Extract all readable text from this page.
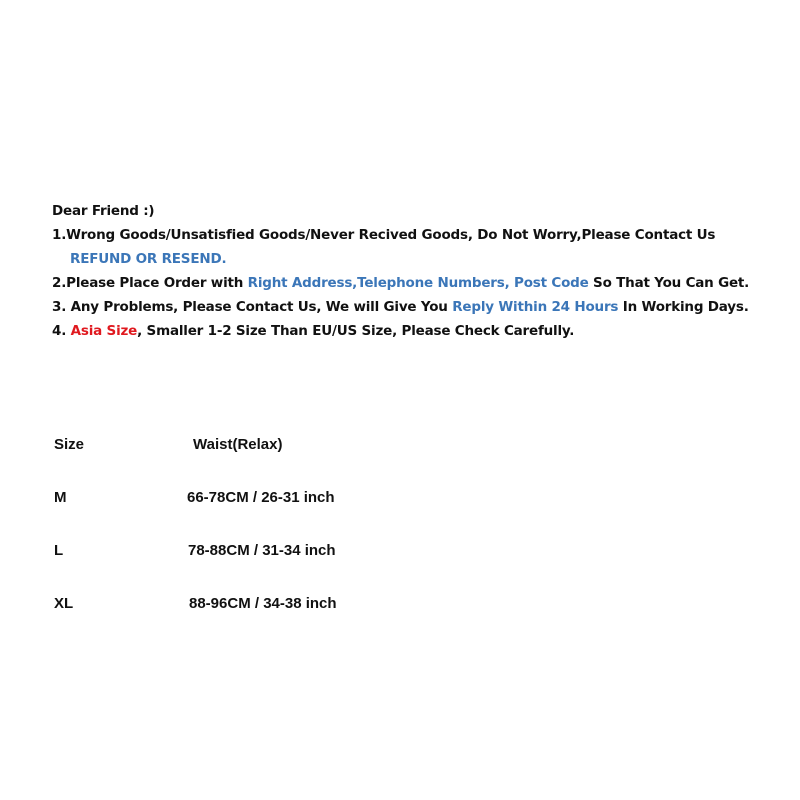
Dear Friend :)
1.Wrong Goods/Unsatisfied Goods/Never Recived Goods, Do Not Worry,Please Contact Us
REFUND OR RESEND.
2.Please Place Order with Right Address,Telephone Numbers, Post Code So That You Can Get.
3. Any Problems, Please Contact Us, We will Give You Reply Within 24 Hours In Working Days.
4. Asia Size, Smaller 1-2 Size Than EU/US Size, Please Check Carefully.
Size	Waist(Relax)
M	66-78CM / 26-31 inch
L	78-88CM / 31-34 inch
XL	88-96CM / 34-38 inch
